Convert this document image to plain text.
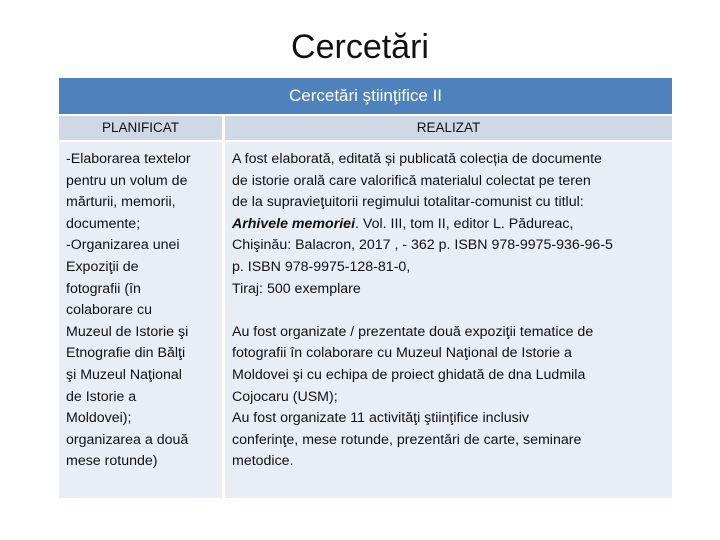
Cercetări
Cercetări ştiinţifice II
PLANIFICAT	REALIZAT
-Elaborarea textelor
pentru un volum de
mărturii, memorii,
documente;
-Organizarea unei
Expoziţii de
fotografii (în
colaborare cu
Muzeul de Istorie şi
Etnografie din Bălţi
şi Muzeul Naţional
de Istorie a
Moldovei);
organizarea a două
mese rotunde)
A fost elaborată, editată și publicată colecția de documente
de istorie orală care valorifică materialul colectat pe teren
de la supravieţuitorii regimului totalitar-comunist cu titlul:
Arhivele memoriei. Vol. III, tom II, editor L. Pădureac,
Chişinău: Balacron, 2017 , - 362 p. ISBN 978-9975-936-96-5
p. ISBN 978-9975-128-81-0,
Tiraj: 500 exemplare
Au fost organizate / prezentate două expoziţii tematice de
fotografii în colaborare cu Muzeul Naţional de Istorie a
Moldovei şi cu echipa de proiect ghidată de dna Ludmila
Cojocaru (USM);
Au fost organizate 11 activităţi ştiinţifice inclusiv
conferinţe, mese rotunde, prezentări de carte, seminare
metodice.
